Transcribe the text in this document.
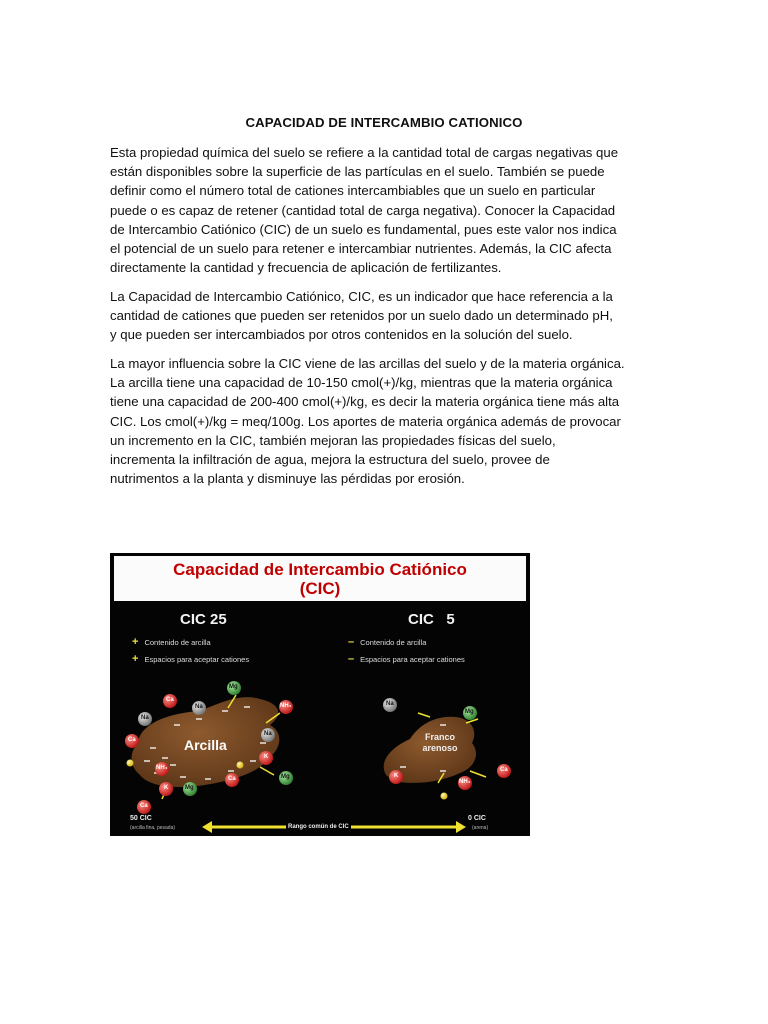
CAPACIDAD DE INTERCAMBIO CATIONICO

Esta propiedad química del suelo se refiere a la cantidad total de cargas negativas que
están disponibles sobre la superficie de las partículas en el suelo. También se puede
definir como el número total de cationes intercambiables que un suelo en particular
puede o es capaz de retener (cantidad total de carga negativa). Conocer la Capacidad
de Intercambio Catiónico (CIC) de un suelo es fundamental, pues este valor nos indica
el potencial de un suelo para retener e intercambiar nutrientes. Además, la CIC afecta
directamente la cantidad y frecuencia de aplicación de fertilizantes.

La Capacidad de Intercambio Catiónico, CIC, es un indicador que hace referencia a la
cantidad de cationes que pueden ser retenidos por un suelo dado un determinado pH,
y que pueden ser intercambiados por otros contenidos en la solución del suelo.

La mayor influencia sobre la CIC viene de las arcillas del suelo y de la materia orgánica.
La arcilla tiene una capacidad de 10-150 cmol(+)/kg, mientras que la materia orgánica
tiene una capacidad de 200-400 cmol(+)/kg, es decir la materia orgánica tiene más alta
CIC. Los cmol(+)/kg = meq/100g. Los aportes de materia orgánica además de provocar
un incremento en la CIC, también mejoran las propiedades físicas del suelo,
incrementa la infiltración de agua, mejora la estructura del suelo, provee de
nutrimentos a la planta y disminuye las pérdidas por erosión.

Capacidad de Intercambio Catiónico
(CIC)
Mg
Ca
Na
Na
Ca
Na
NH₄
K	Mg
Ca
K
Mg
Ca
NH₄	Na
Mg
K
NH₄
Ca
CIC 25	CIC   5
+ Contenido de arcilla
+ Espacios para aceptar cationes
– Contenido de arcilla
– Espacios para aceptar cationes
Arcilla	Franco
arenoso
50 CIC
(arcilla fina, pesada)	Rango común de CIC
0 CIC
(arena)
